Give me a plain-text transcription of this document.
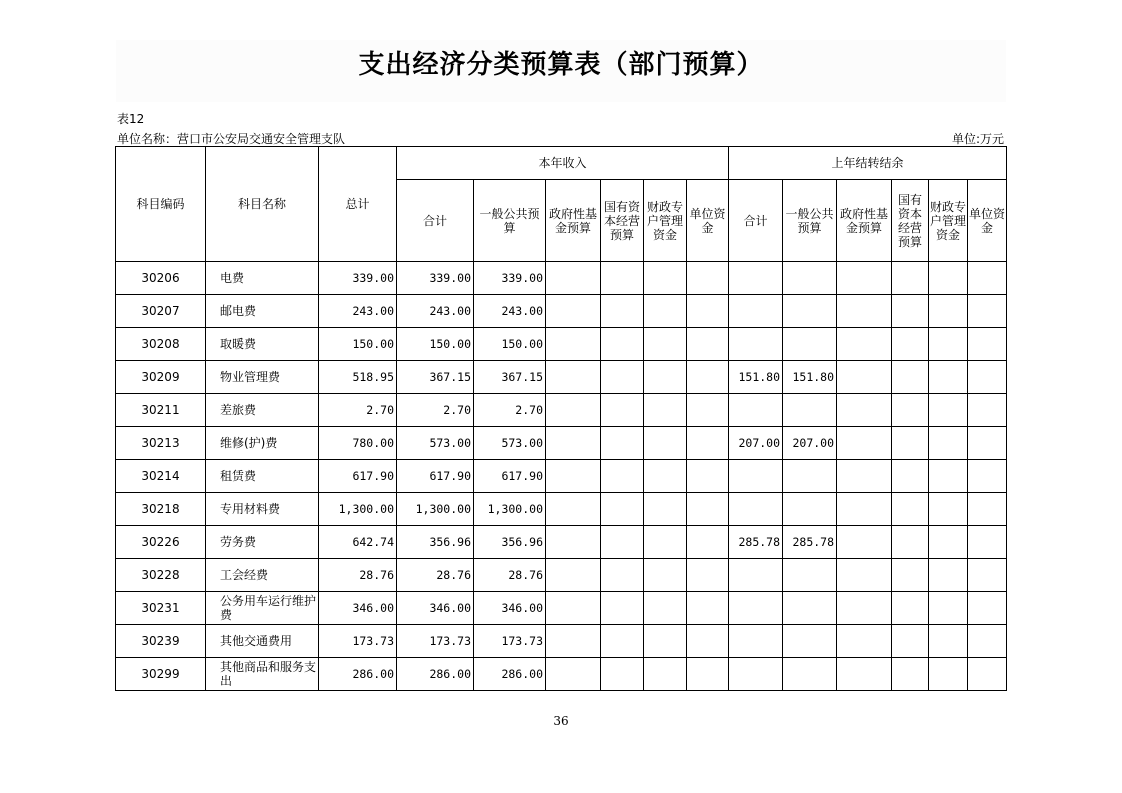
支出经济分类预算表（部门预算）
表12
单位名称：营口市公安局交通安全管理支队	单位:万元
科目编码	科目名称	总计	本年收入						上年结转结余					
			合计	一般公共预算	政府性基金预算	国有资本经营预算	财政专户管理资金	单位资金	合计	一般公共预算	政府性基金预算	国有资本经营预算	财政专户管理资金	单位资金
30206	电费	339.00	339.00	339.00										
30207	邮电费	243.00	243.00	243.00										
30208	取暖费	150.00	150.00	150.00										
30209	物业管理费	518.95	367.15	367.15					151.80	151.80				
30211	差旅费	2.70	2.70	2.70										
30213	维修(护)费	780.00	573.00	573.00					207.00	207.00				
30214	租赁费	617.90	617.90	617.90										
30218	专用材料费	1,300.00	1,300.00	1,300.00										
30226	劳务费	642.74	356.96	356.96					285.78	285.78				
30228	工会经费	28.76	28.76	28.76										
30231	公务用车运行维护费	346.00	346.00	346.00										
30239	其他交通费用	173.73	173.73	173.73										
30299	其他商品和服务支出	286.00	286.00	286.00										
36
